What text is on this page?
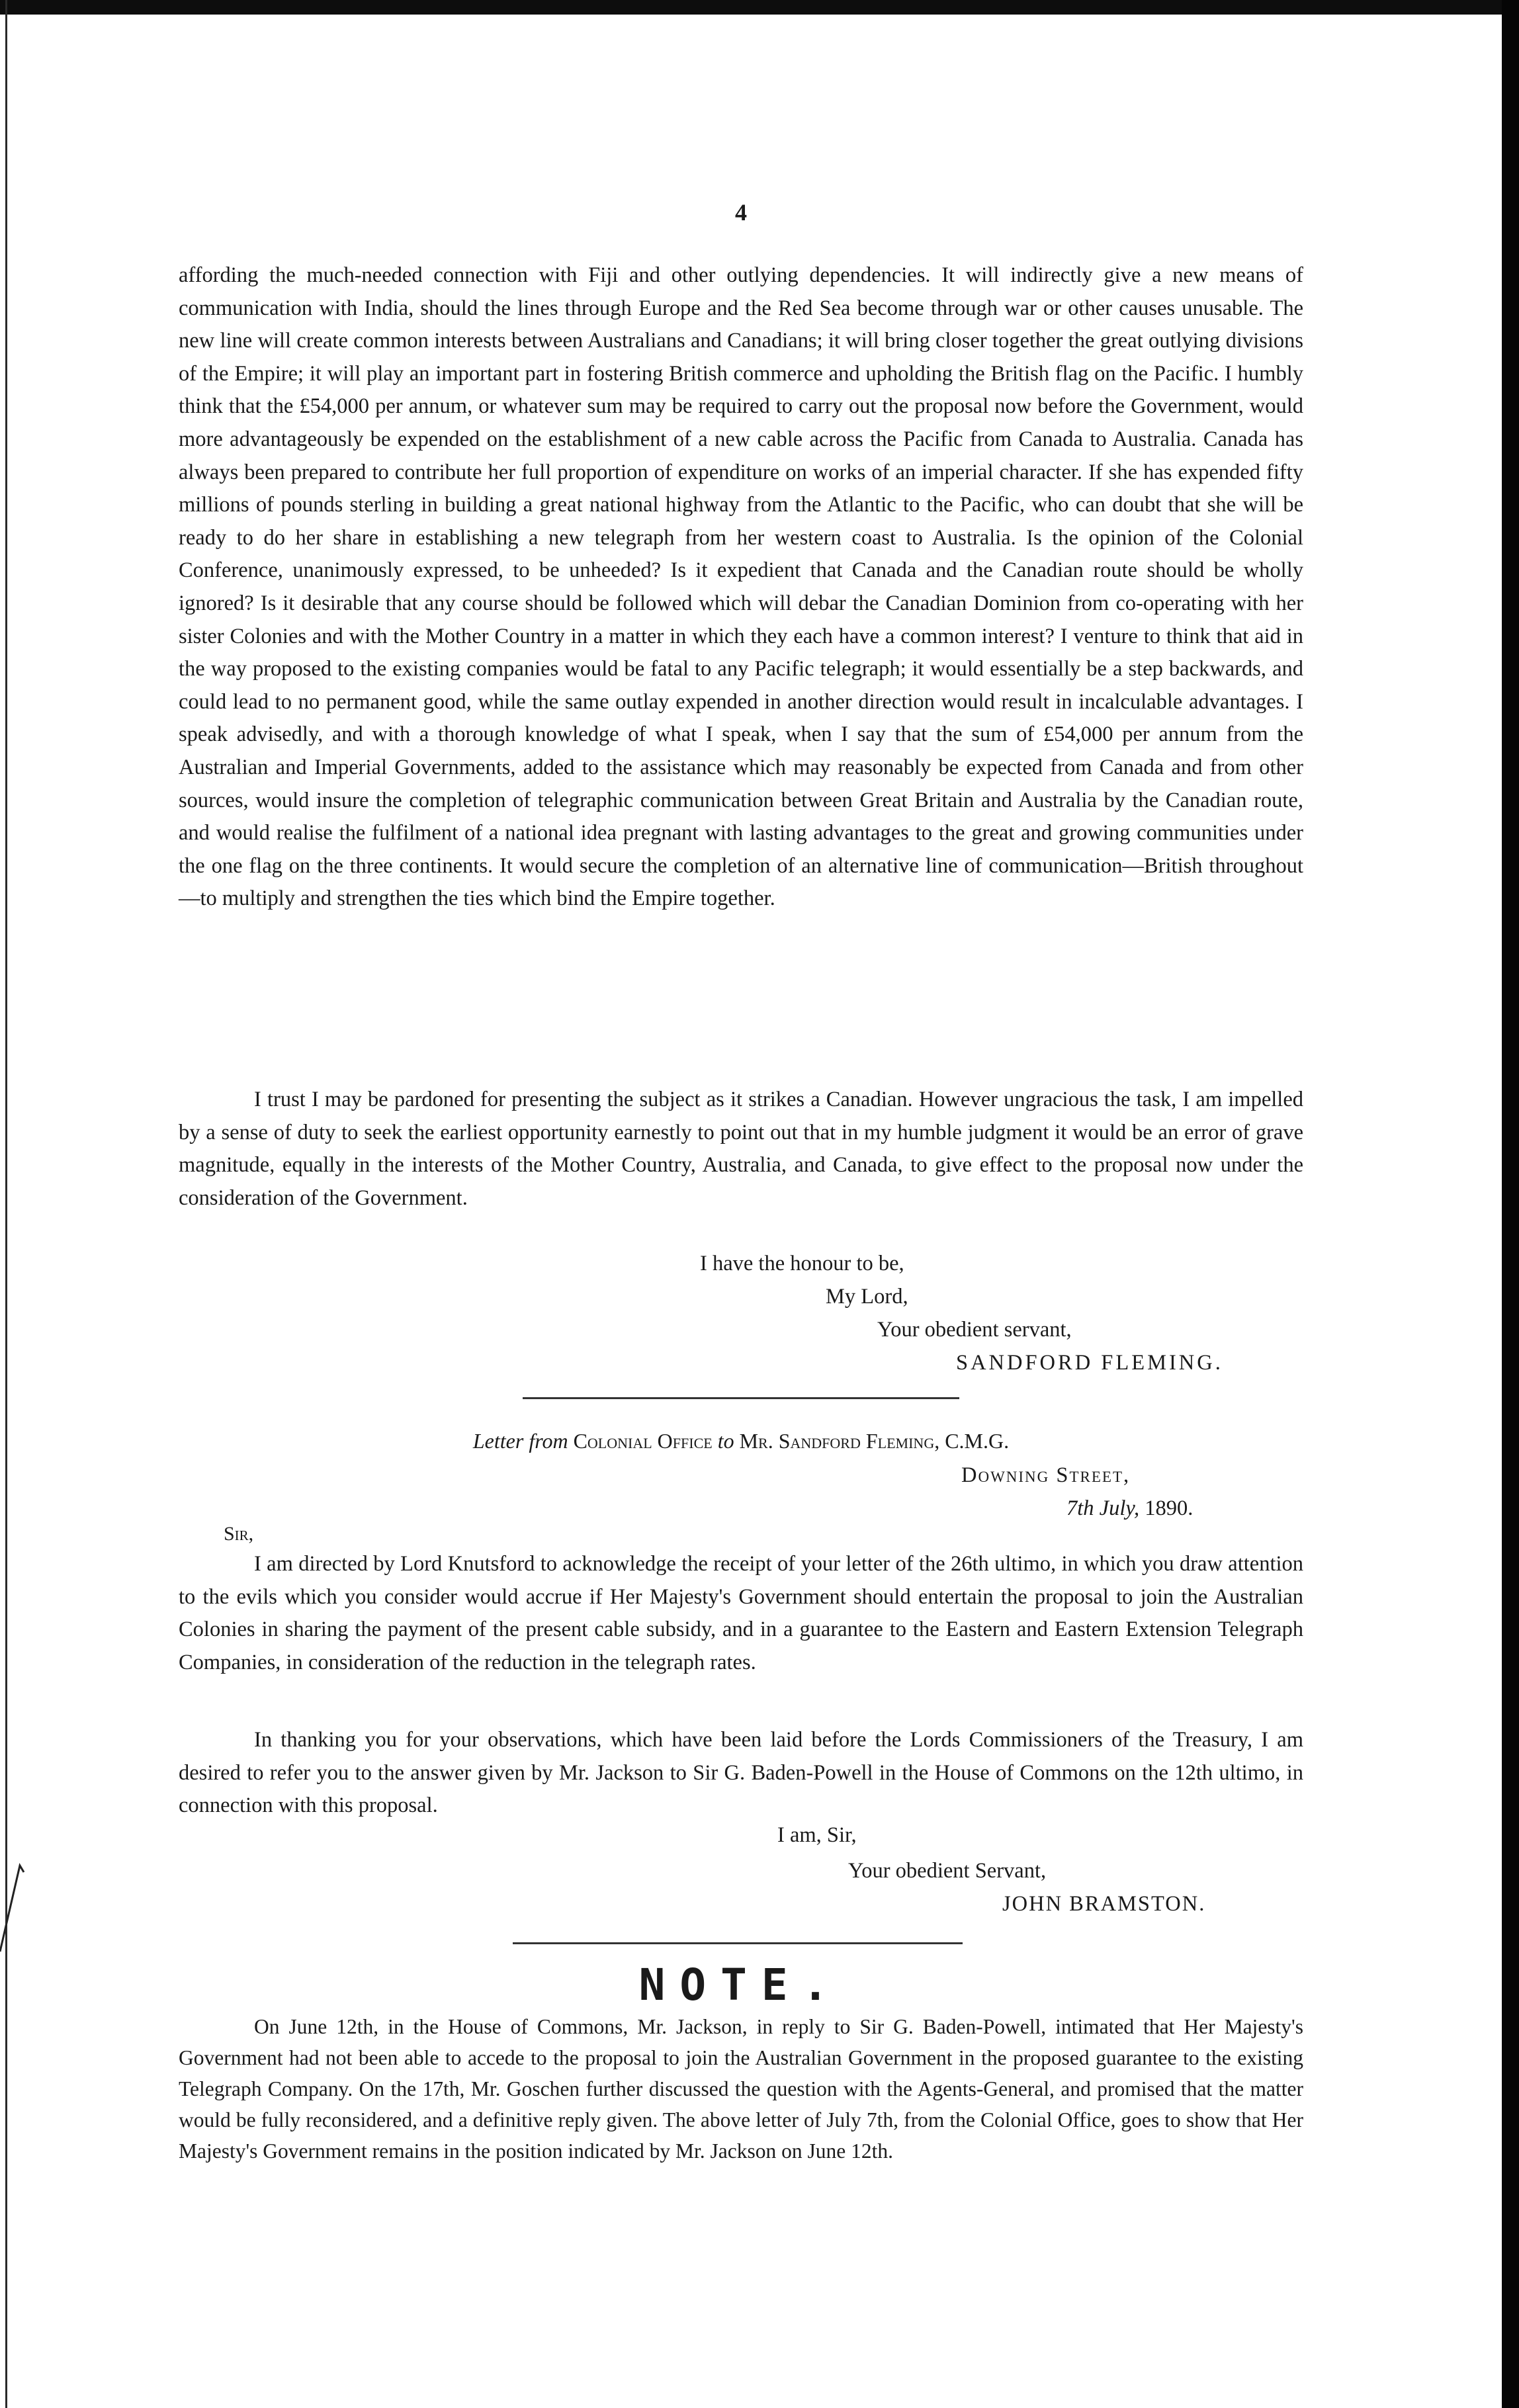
4

affording the much-needed connection with Fiji and other outlying dependencies. It will indirectly give a new means of communication with India, should the lines through Europe and the Red Sea become through war or other causes unusable. The new line will create common interests between Australians and Canadians; it will bring closer together the great outlying divisions of the Empire; it will play an important part in fostering British commerce and upholding the British flag on the Pacific. I humbly think that the £54,000 per annum, or whatever sum may be required to carry out the proposal now before the Government, would more advantageously be expended on the establishment of a new cable across the Pacific from Canada to Australia. Canada has always been prepared to contribute her full proportion of expenditure on works of an imperial character. If she has expended fifty millions of pounds sterling in building a great national highway from the Atlantic to the Pacific, who can doubt that she will be ready to do her share in establishing a new telegraph from her western coast to Australia. Is the opinion of the Colonial Conference, unanimously expressed, to be unheeded? Is it expedient that Canada and the Canadian route should be wholly ignored? Is it desirable that any course should be followed which will debar the Canadian Dominion from co-operating with her sister Colonies and with the Mother Country in a matter in which they each have a common interest? I venture to think that aid in the way proposed to the existing companies would be fatal to any Pacific telegraph; it would essentially be a step backwards, and could lead to no permanent good, while the same outlay expended in another direction would result in incalculable advantages. I speak advisedly, and with a thorough knowledge of what I speak, when I say that the sum of £54,000 per annum from the Australian and Imperial Governments, added to the assistance which may reasonably be expected from Canada and from other sources, would insure the completion of telegraphic communication between Great Britain and Australia by the Canadian route, and would realise the fulfilment of a national idea pregnant with lasting advantages to the great and growing communities under the one flag on the three continents. It would secure the completion of an alternative line of communication—British throughout—to multiply and strengthen the ties which bind the Empire together.

I trust I may be pardoned for presenting the subject as it strikes a Canadian. However ungracious the task, I am impelled by a sense of duty to seek the earliest opportunity earnestly to point out that in my humble judgment it would be an error of grave magnitude, equally in the interests of the Mother Country, Australia, and Canada, to give effect to the proposal now under the consideration of the Government.

I have the honour to be,

My Lord,

Your obedient servant,

SANDFORD FLEMING.

Letter from Colonial Office to Mr. Sandford Fleming, C.M.G.

Downing Street,

7th July, 1890.

Sir,

I am directed by Lord Knutsford to acknowledge the receipt of your letter of the 26th ultimo, in which you draw attention to the evils which you consider would accrue if Her Majesty's Government should entertain the proposal to join the Australian Colonies in sharing the payment of the present cable subsidy, and in a guarantee to the Eastern and Eastern Extension Telegraph Companies, in consideration of the reduction in the telegraph rates.

In thanking you for your observations, which have been laid before the Lords Commissioners of the Treasury, I am desired to refer you to the answer given by Mr. Jackson to Sir G. Baden-Powell in the House of Commons on the 12th ultimo, in connection with this proposal.

I am, Sir,

Your obedient Servant,

JOHN BRAMSTON.

NOTE.

On June 12th, in the House of Commons, Mr. Jackson, in reply to Sir G. Baden-Powell, intimated that Her Majesty's Government had not been able to accede to the proposal to join the Australian Government in the proposed guarantee to the existing Telegraph Company. On the 17th, Mr. Goschen further discussed the question with the Agents-General, and promised that the matter would be fully reconsidered, and a definitive reply given. The above letter of July 7th, from the Colonial Office, goes to show that Her Majesty's Government remains in the position indicated by Mr. Jackson on June 12th.
